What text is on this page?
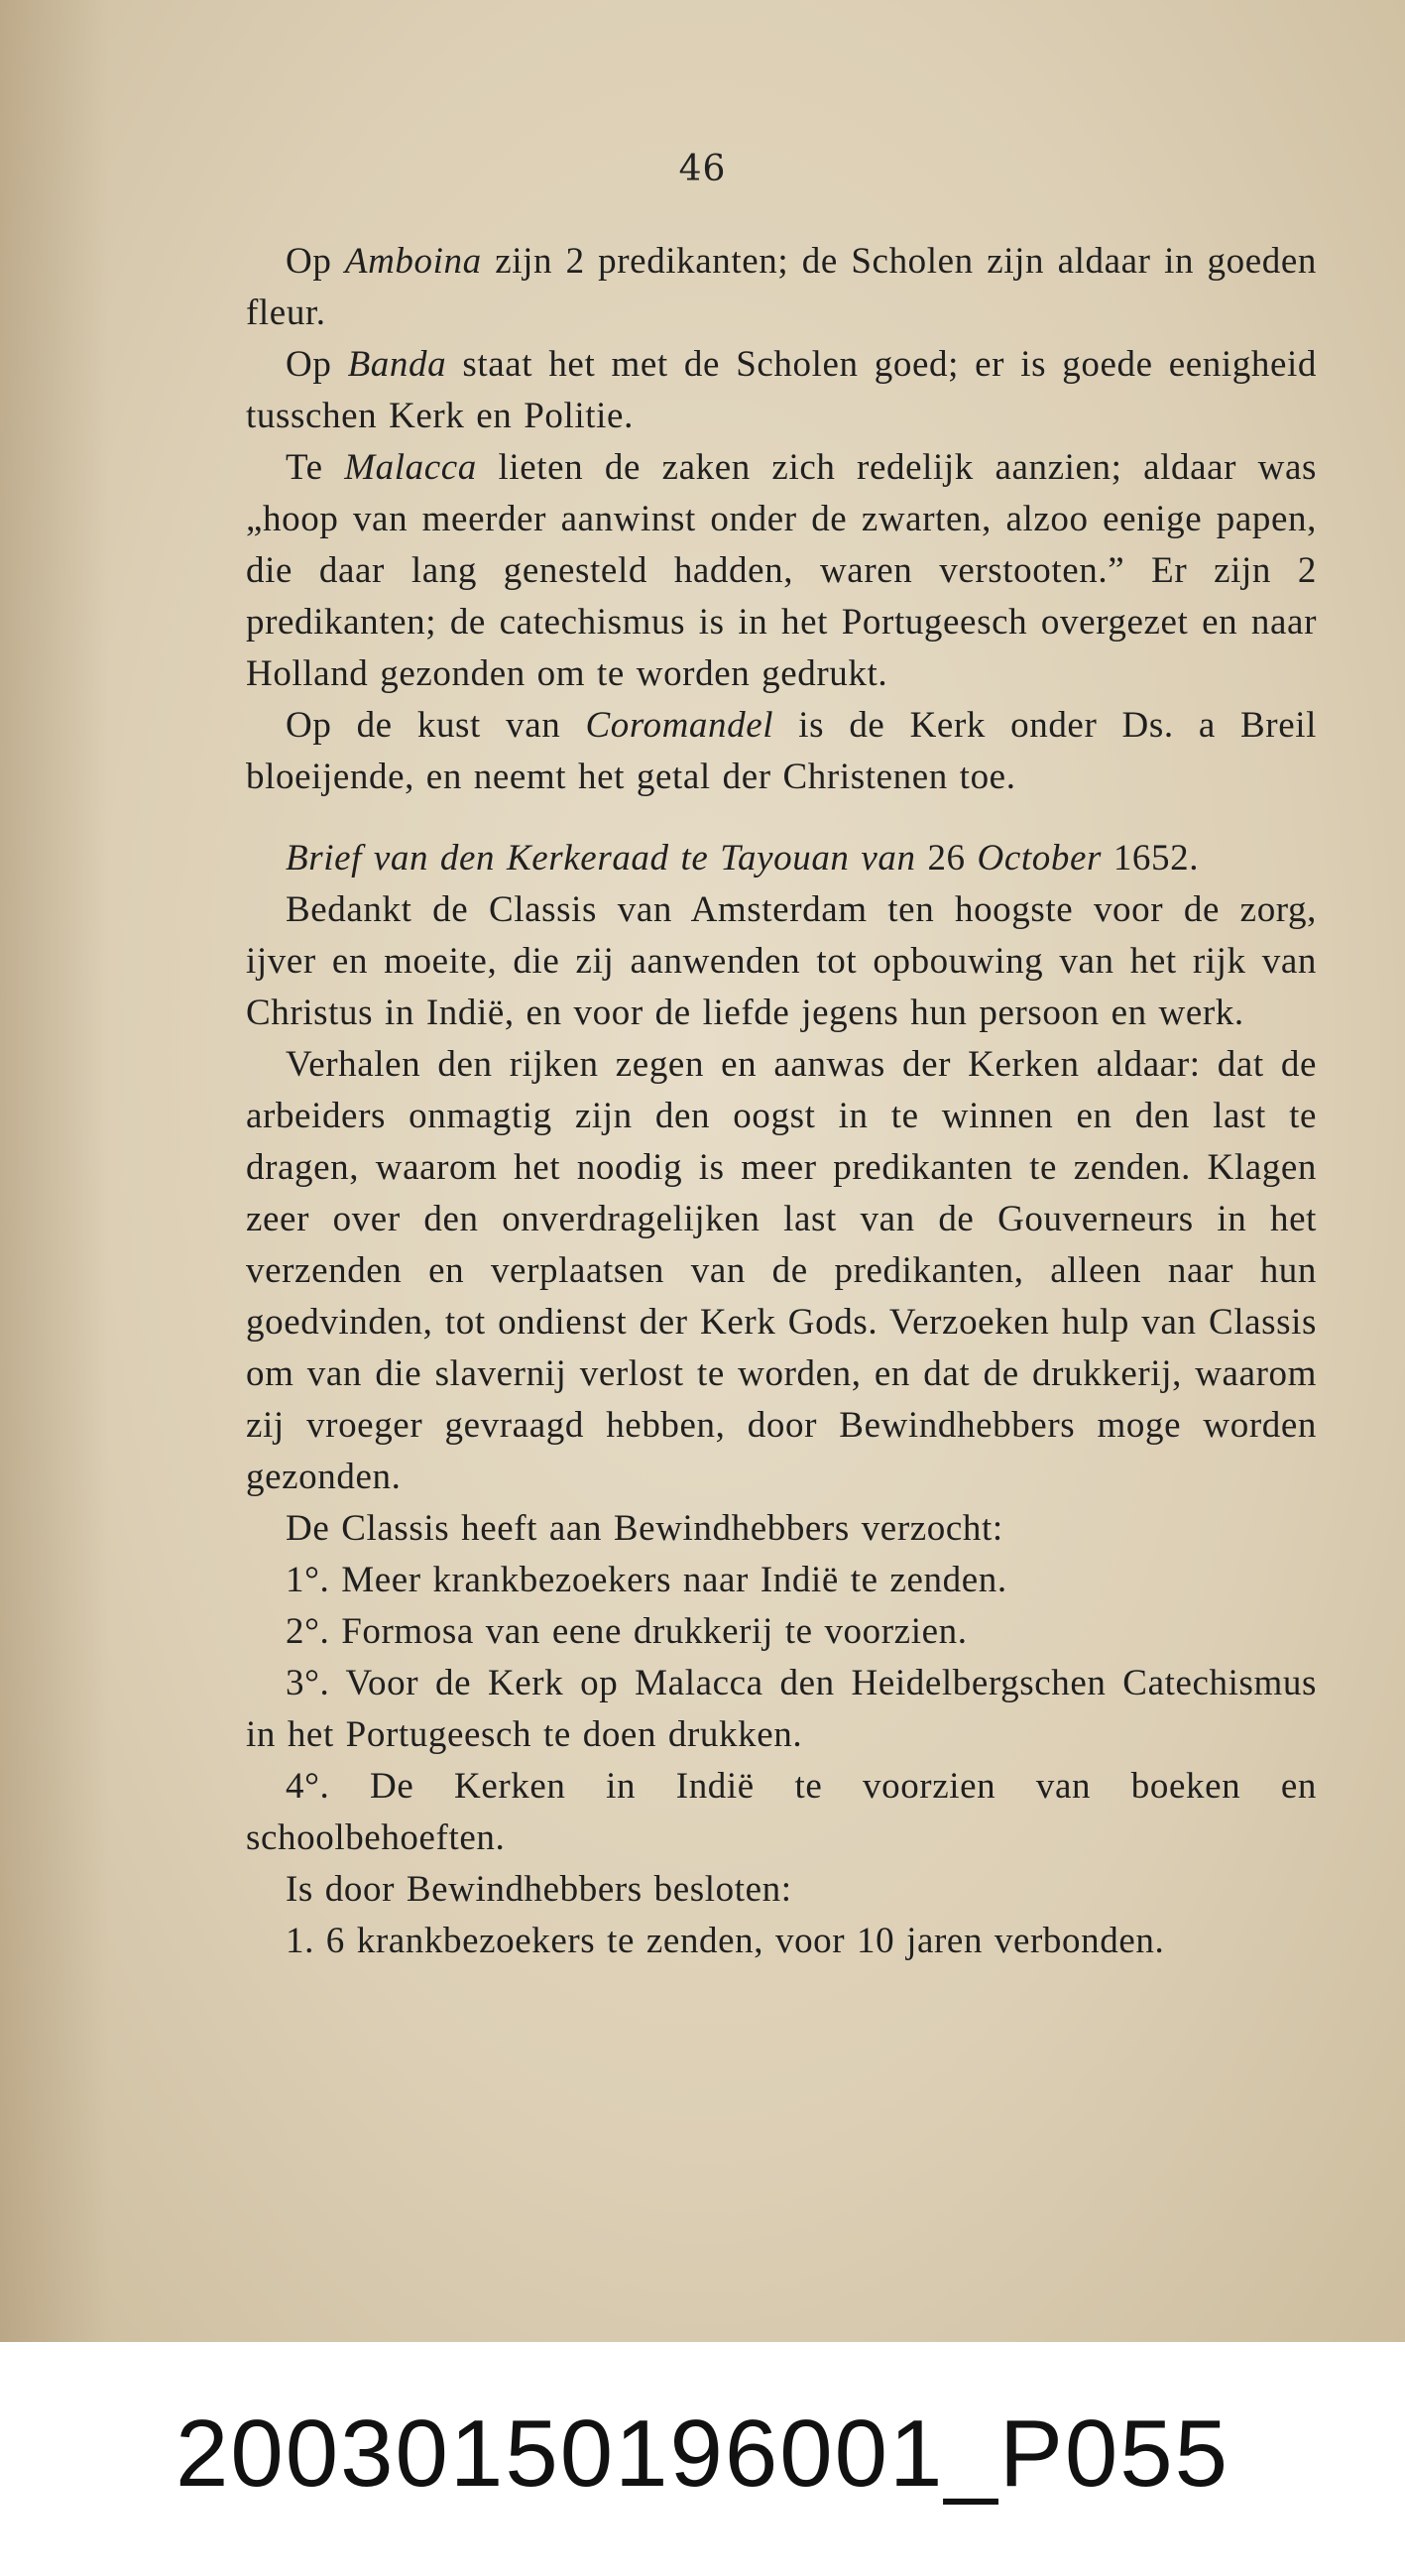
46

Op Amboina zijn 2 predikanten; de Scholen zijn aldaar in goeden fleur.

Op Banda staat het met de Scholen goed; er is goede eenigheid tusschen Kerk en Politie.

Te Malacca lieten de zaken zich redelijk aanzien; aldaar was „hoop van meerder aanwinst onder de zwarten, alzoo eenige papen, die daar lang genesteld hadden, waren verstooten.” Er zijn 2 predikanten; de catechismus is in het Portugeesch overgezet en naar Holland gezonden om te worden gedrukt.

Op de kust van Coromandel is de Kerk onder Ds. a Breil bloeijende, en neemt het getal der Christenen toe.

Brief van den Kerkeraad te Tayouan van 26 October 1652.

Bedankt de Classis van Amsterdam ten hoogste voor de zorg, ijver en moeite, die zij aanwenden tot opbouwing van het rijk van Christus in Indië, en voor de liefde jegens hun persoon en werk.

Verhalen den rijken zegen en aanwas der Kerken aldaar: dat de arbeiders onmagtig zijn den oogst in te winnen en den last te dragen, waarom het noodig is meer predikanten te zenden. Klagen zeer over den onverdragelijken last van de Gouverneurs in het verzenden en verplaatsen van de predikanten, alleen naar hun goedvinden, tot ondienst der Kerk Gods. Verzoeken hulp van Classis om van die slavernij verlost te worden, en dat de drukkerij, waarom zij vroeger gevraagd hebben, door Bewindhebbers moge worden gezonden.

De Classis heeft aan Bewindhebbers verzocht:

1°. Meer krankbezoekers naar Indië te zenden.

2°. Formosa van eene drukkerij te voorzien.

3°. Voor de Kerk op Malacca den Heidelbergschen Catechismus in het Portugeesch te doen drukken.

4°. De Kerken in Indië te voorzien van boeken en schoolbehoeften.

Is door Bewindhebbers besloten:

1. 6 krankbezoekers te zenden, voor 10 jaren verbonden.

20030150196001_P055
